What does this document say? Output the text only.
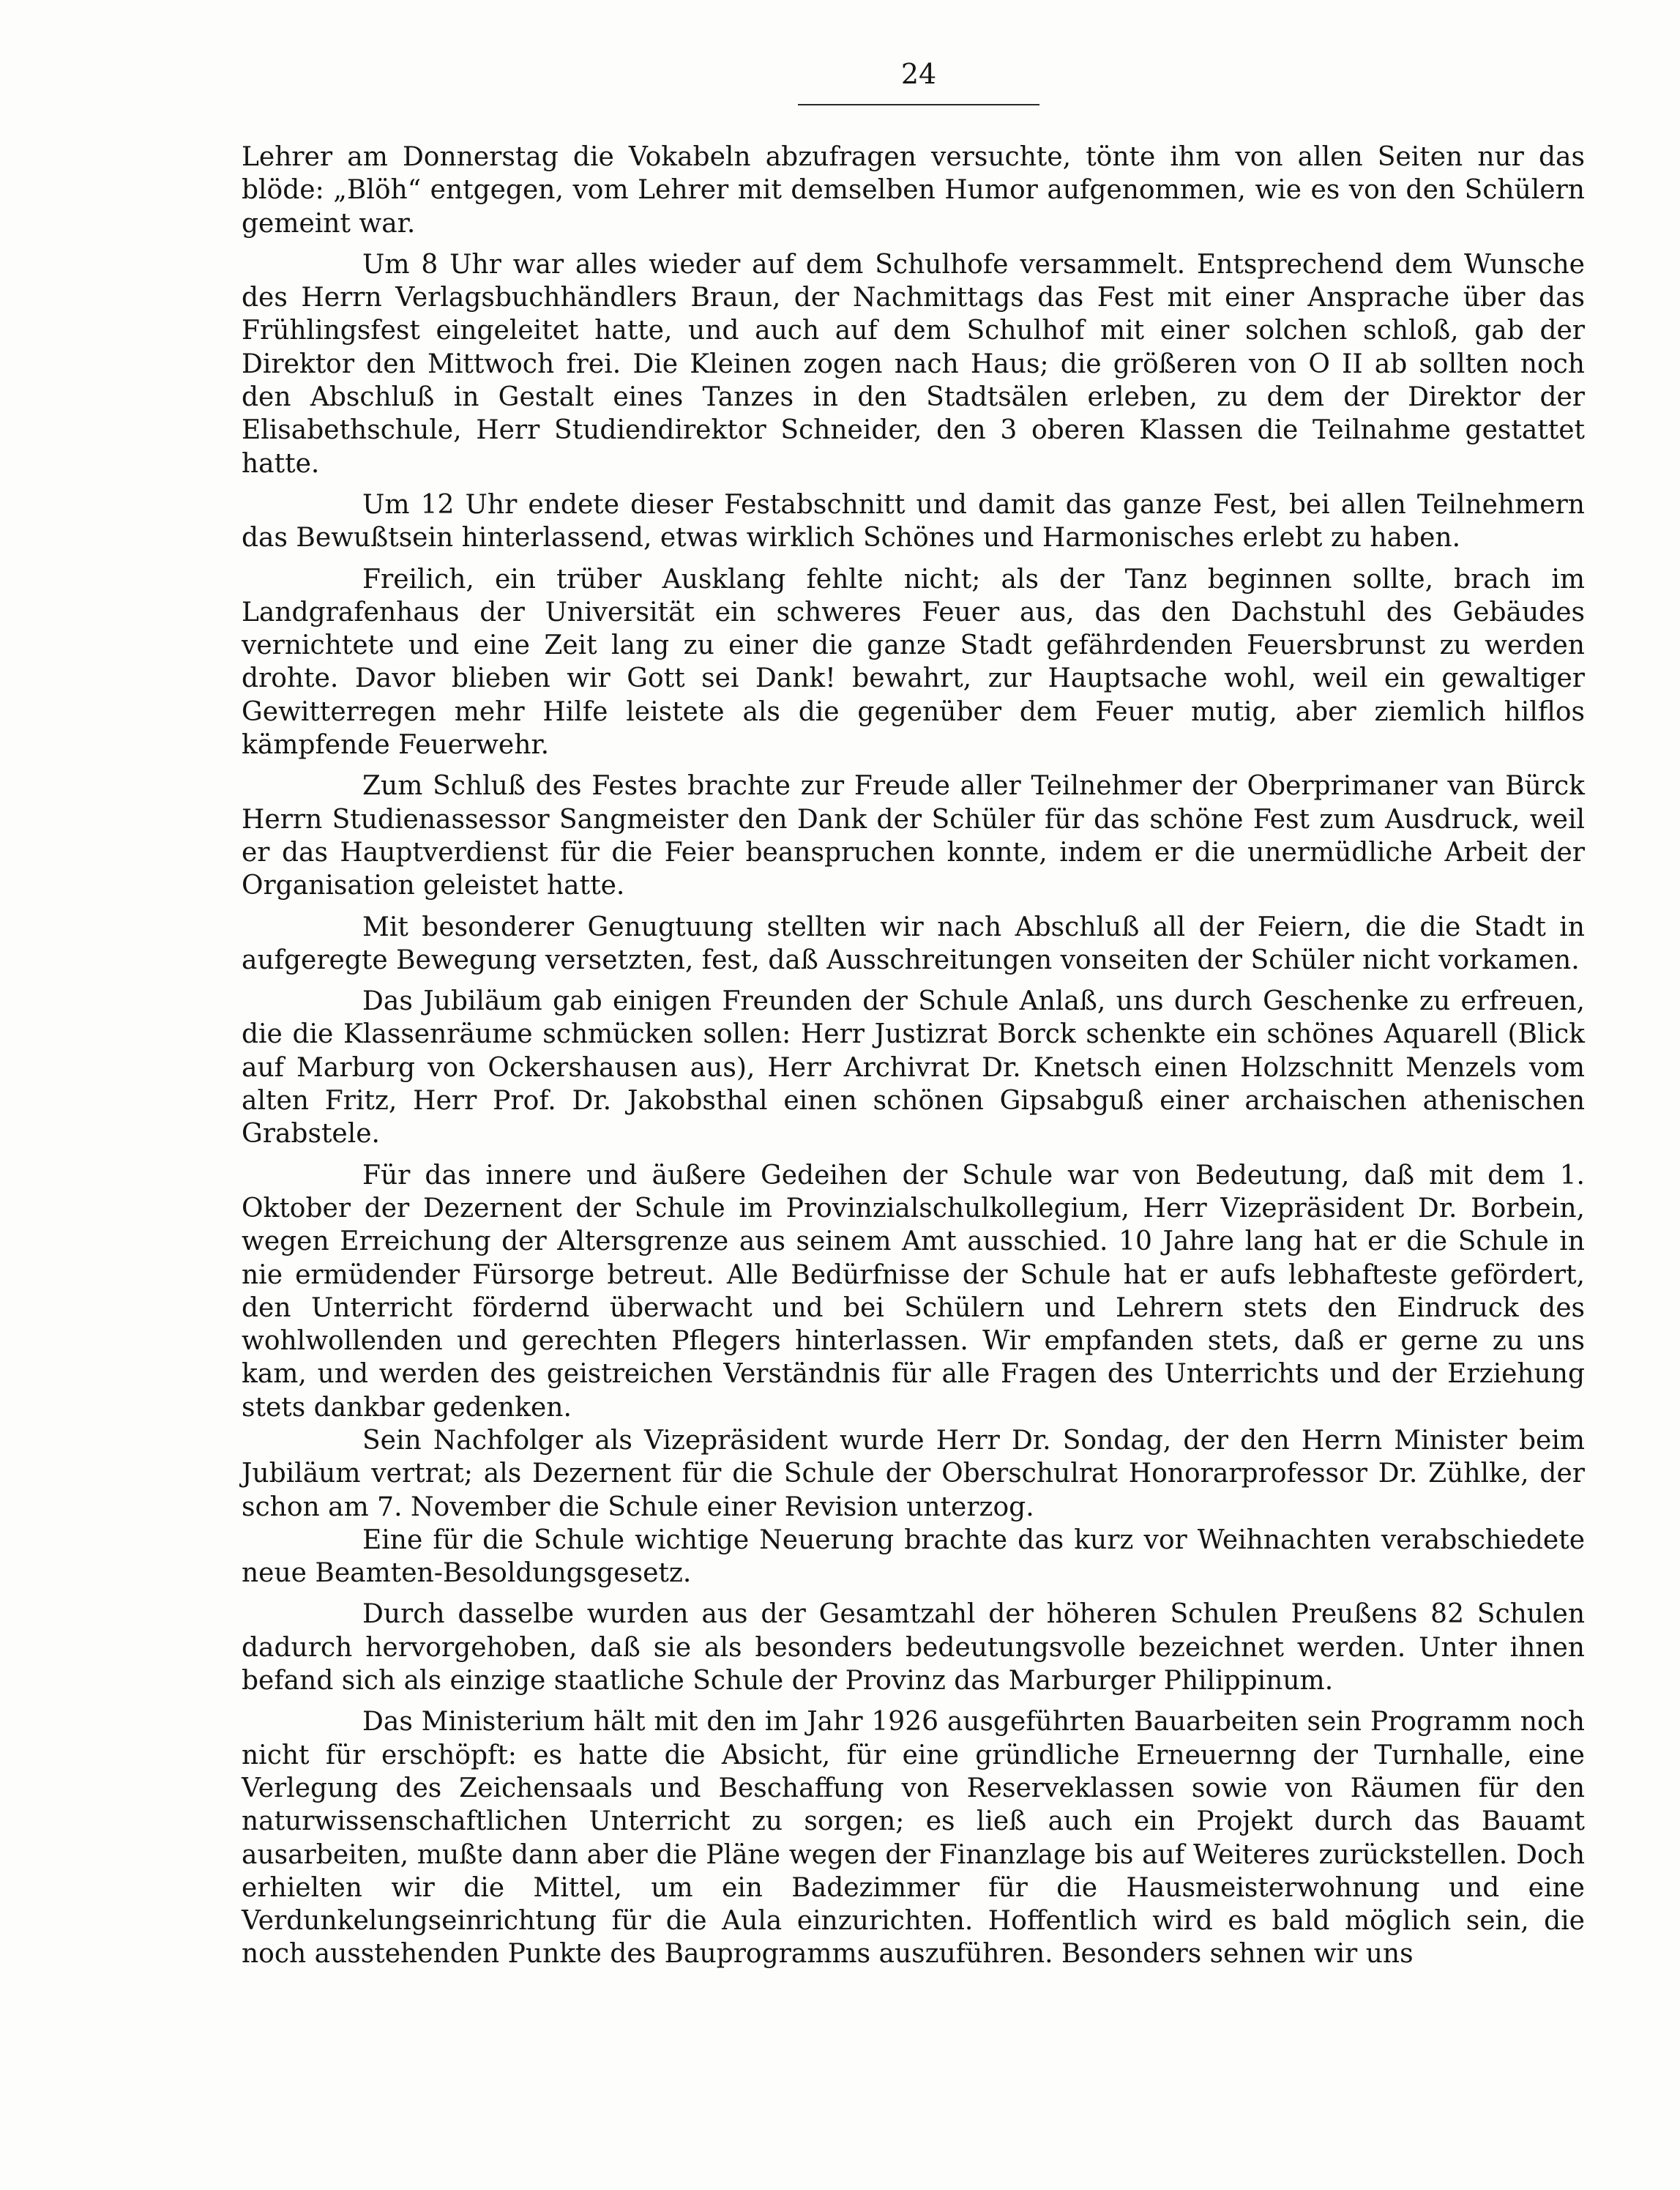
24

Lehrer am Donnerstag die Vokabeln abzufragen versuchte, tönte ihm von allen Seiten nur das blöde: „Blöh“ entgegen, vom Lehrer mit demselben Humor aufgenommen, wie es von den Schülern gemeint war.

Um 8 Uhr war alles wieder auf dem Schulhofe versammelt. Entsprechend dem Wunsche des Herrn Verlagsbuchhändlers Braun, der Nachmittags das Fest mit einer Ansprache über das Frühlingsfest eingeleitet hatte, und auch auf dem Schulhof mit einer solchen schloß, gab der Direktor den Mittwoch frei. Die Kleinen zogen nach Haus; die größeren von O II ab sollten noch den Abschluß in Gestalt eines Tanzes in den Stadtsälen erleben, zu dem der Direktor der Elisabethschule, Herr Studiendirektor Schneider, den 3 oberen Klassen die Teilnahme gestattet hatte.

Um 12 Uhr endete dieser Festabschnitt und damit das ganze Fest, bei allen Teilnehmern das Bewußtsein hinterlassend, etwas wirklich Schönes und Harmonisches erlebt zu haben.

Freilich, ein trüber Ausklang fehlte nicht; als der Tanz beginnen sollte, brach im Landgrafenhaus der Universität ein schweres Feuer aus, das den Dachstuhl des Gebäudes vernichtete und eine Zeit lang zu einer die ganze Stadt gefährdenden Feuersbrunst zu werden drohte. Davor blieben wir Gott sei Dank! bewahrt, zur Hauptsache wohl, weil ein gewaltiger Gewitterregen mehr Hilfe leistete als die gegenüber dem Feuer mutig, aber ziemlich hilflos kämpfende Feuerwehr.

Zum Schluß des Festes brachte zur Freude aller Teilnehmer der Oberprimaner van Bürck Herrn Studienassessor Sangmeister den Dank der Schüler für das schöne Fest zum Ausdruck, weil er das Hauptverdienst für die Feier beanspruchen konnte, indem er die unermüdliche Arbeit der Organisation geleistet hatte.

Mit besonderer Genugtuung stellten wir nach Abschluß all der Feiern, die die Stadt in aufgeregte Bewegung versetzten, fest, daß Ausschreitungen vonseiten der Schüler nicht vorkamen.

Das Jubiläum gab einigen Freunden der Schule Anlaß, uns durch Geschenke zu erfreuen, die die Klassenräume schmücken sollen: Herr Justizrat Borck schenkte ein schönes Aquarell (Blick auf Marburg von Ockershausen aus), Herr Archivrat Dr. Knetsch einen Holzschnitt Menzels vom alten Fritz, Herr Prof. Dr. Jakobsthal einen schönen Gipsabguß einer archaischen athenischen Grabstele.

Für das innere und äußere Gedeihen der Schule war von Bedeutung, daß mit dem 1. Oktober der Dezernent der Schule im Provinzialschulkollegium, Herr Vizepräsident Dr. Borbein, wegen Erreichung der Altersgrenze aus seinem Amt ausschied. 10 Jahre lang hat er die Schule in nie ermüdender Fürsorge betreut. Alle Bedürfnisse der Schule hat er aufs lebhafteste gefördert, den Unterricht fördernd überwacht und bei Schülern und Lehrern stets den Eindruck des wohlwollenden und gerechten Pflegers hinterlassen. Wir empfanden stets, daß er gerne zu uns kam, und werden des geistreichen Verständnis für alle Fragen des Unterrichts und der Erziehung stets dankbar gedenken.

Sein Nachfolger als Vizepräsident wurde Herr Dr. Sondag, der den Herrn Minister beim Jubiläum vertrat; als Dezernent für die Schule der Oberschulrat Honorarprofessor Dr. Zühlke, der schon am 7. November die Schule einer Revision unterzog.

Eine für die Schule wichtige Neuerung brachte das kurz vor Weihnachten verabschiedete neue Beamten-Besoldungsgesetz.

Durch dasselbe wurden aus der Gesamtzahl der höheren Schulen Preußens 82 Schulen dadurch hervorgehoben, daß sie als besonders bedeutungsvolle bezeichnet werden. Unter ihnen befand sich als einzige staatliche Schule der Provinz das Marburger Philippinum.

Das Ministerium hält mit den im Jahr 1926 ausgeführten Bauarbeiten sein Programm noch nicht für erschöpft: es hatte die Absicht, für eine gründliche Erneuernng der Turnhalle, eine Verlegung des Zeichensaals und Beschaffung von Reserveklassen sowie von Räumen für den naturwissenschaftlichen Unterricht zu sorgen; es ließ auch ein Projekt durch das Bauamt ausarbeiten, mußte dann aber die Pläne wegen der Finanzlage bis auf Weiteres zurückstellen. Doch erhielten wir die Mittel, um ein Badezimmer für die Hausmeisterwohnung und eine Verdunkelungseinrichtung für die Aula einzurichten. Hoffentlich wird es bald möglich sein, die noch ausstehenden Punkte des Bauprogramms auszuführen. Besonders sehnen wir uns
